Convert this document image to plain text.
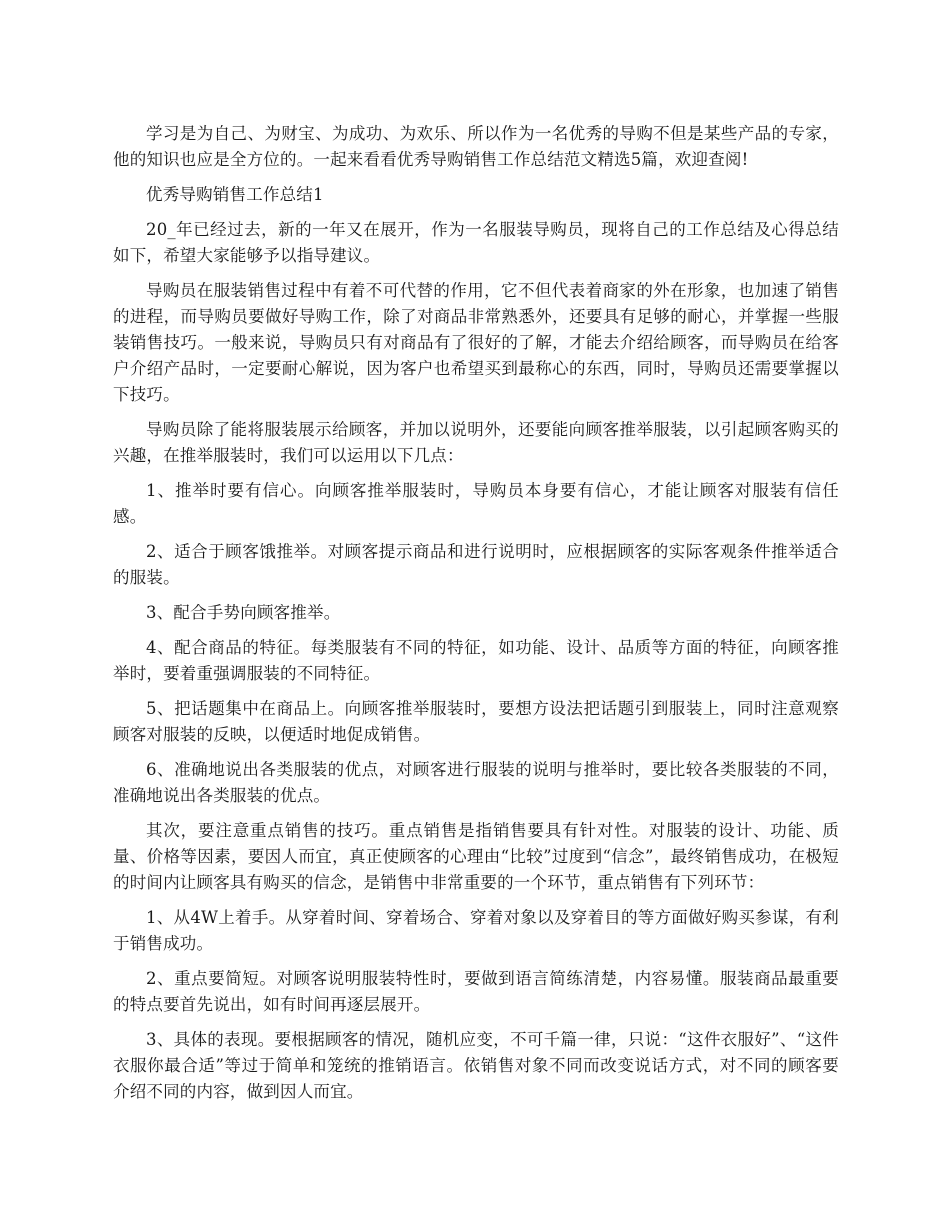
学习是为自己、为财宝、为成功、为欢乐、所以作为一名优秀的导购不但是某些产品的专家，他的知识也应是全方位的。一起来看看优秀导购销售工作总结范文精选5篇，欢迎查阅!

优秀导购销售工作总结1

20_年已经过去，新的一年又在展开，作为一名服装导购员，现将自己的工作总结及心得总结如下，希望大家能够予以指导建议。

导购员在服装销售过程中有着不可代替的作用，它不但代表着商家的外在形象，也加速了销售的进程，而导购员要做好导购工作，除了对商品非常熟悉外，还要具有足够的耐心，并掌握一些服装销售技巧。一般来说，导购员只有对商品有了很好的了解，才能去介绍给顾客，而导购员在给客户介绍产品时，一定要耐心解说，因为客户也希望买到最称心的东西，同时，导购员还需要掌握以下技巧。

导购员除了能将服装展示给顾客，并加以说明外，还要能向顾客推举服装，以引起顾客购买的兴趣，在推举服装时，我们可以运用以下几点：

1、推举时要有信心。向顾客推举服装时，导购员本身要有信心，才能让顾客对服装有信任感。

2、适合于顾客饿推举。对顾客提示商品和进行说明时，应根据顾客的实际客观条件推举适合的服装。

3、配合手势向顾客推举。

4、配合商品的特征。每类服装有不同的特征，如功能、设计、品质等方面的特征，向顾客推举时，要着重强调服装的不同特征。

5、把话题集中在商品上。向顾客推举服装时，要想方设法把话题引到服装上，同时注意观察顾客对服装的反映，以便适时地促成销售。

6、准确地说出各类服装的优点，对顾客进行服装的说明与推举时，要比较各类服装的不同，准确地说出各类服装的优点。

其次，要注意重点销售的技巧。重点销售是指销售要具有针对性。对服装的设计、功能、质量、价格等因素，要因人而宜，真正使顾客的心理由“比较”过度到“信念”，最终销售成功，在极短的时间内让顾客具有购买的信念，是销售中非常重要的一个环节，重点销售有下列环节：

1、从4W上着手。从穿着时间、穿着场合、穿着对象以及穿着目的等方面做好购买参谋，有利于销售成功。

2、重点要简短。对顾客说明服装特性时，要做到语言简练清楚，内容易懂。服装商品最重要的特点要首先说出，如有时间再逐层展开。

3、具体的表现。要根据顾客的情况，随机应变，不可千篇一律，只说：“这件衣服好”、“这件衣服你最合适”等过于简单和笼统的推销语言。依销售对象不同而改变说话方式，对不同的顾客要介绍不同的内容，做到因人而宜。
